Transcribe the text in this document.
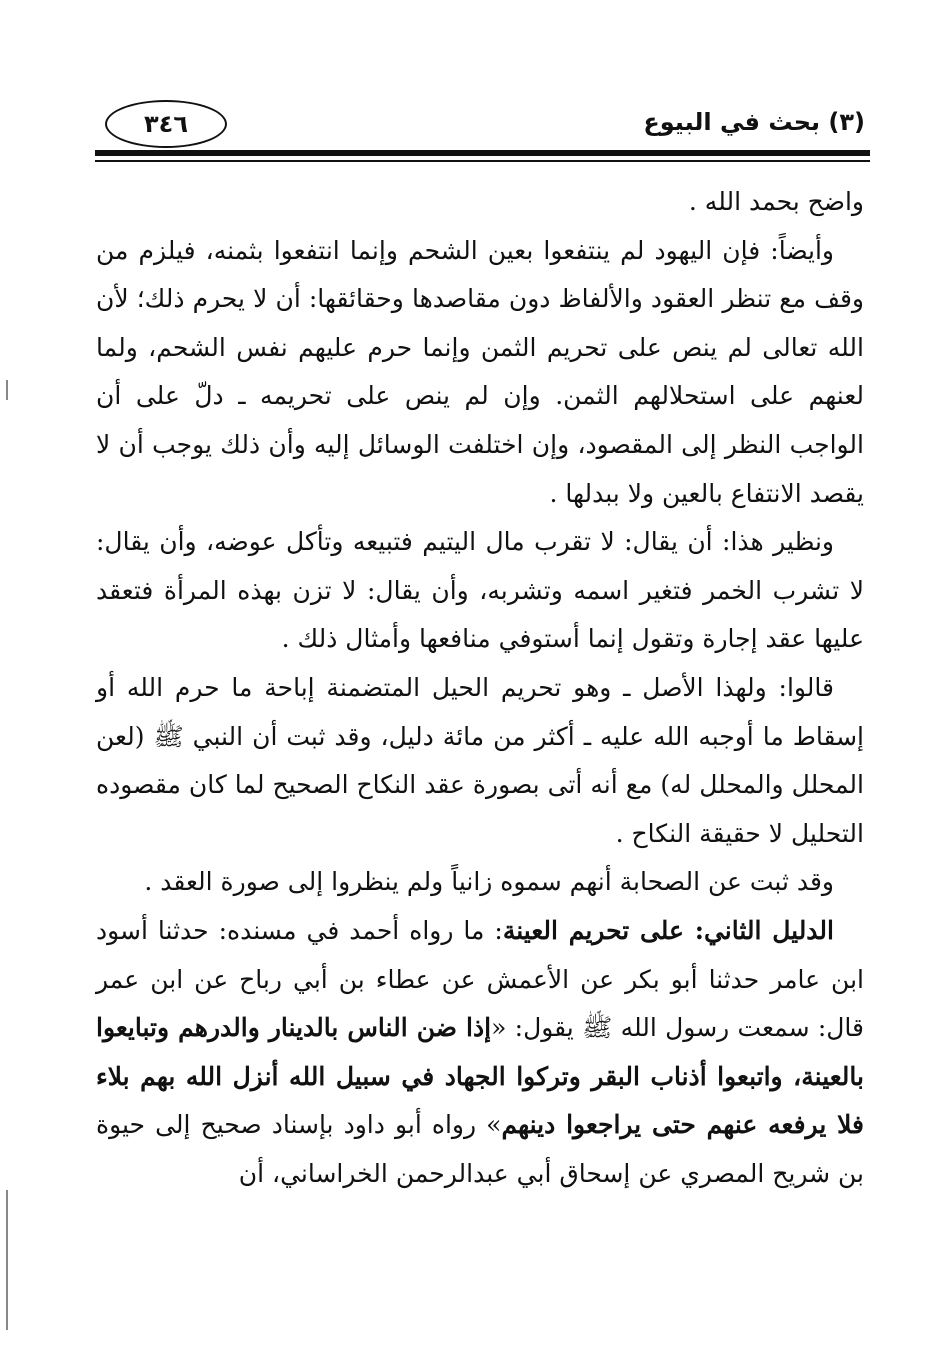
(٣) بحث في البيوع
٣٤٦

واضح بحمد الله .

وأيضاً: فإن اليهود لم ينتفعوا بعين الشحم وإنما انتفعوا بثمنه، فيلزم من وقف مع تنظر العقود والألفاظ دون مقاصدها وحقائقها: أن لا يحرم ذلك؛ لأن الله تعالى لم ينص على تحريم الثمن وإنما حرم عليهم نفس الشحم، ولما لعنهم على استحلالهم الثمن. وإن لم ينص على تحريمه ـ دلّ على أن الواجب النظر إلى المقصود، وإن اختلفت الوسائل إليه وأن ذلك يوجب أن لا يقصد الانتفاع بالعين ولا ببدلها .

ونظير هذا: أن يقال: لا تقرب مال اليتيم فتبيعه وتأكل عوضه، وأن يقال: لا تشرب الخمر فتغير اسمه وتشربه، وأن يقال: لا تزن بهذه المرأة فتعقد عليها عقد إجارة وتقول إنما أستوفي منافعها وأمثال ذلك .

قالوا: ولهذا الأصل ـ وهو تحريم الحيل المتضمنة إباحة ما حرم الله أو إسقاط ما أوجبه الله عليه ـ أكثر من مائة دليل، وقد ثبت أن النبي ﷺ (لعن المحلل والمحلل له) مع أنه أتى بصورة عقد النكاح الصحيح لما كان مقصوده التحليل لا حقيقة النكاح .

وقد ثبت عن الصحابة أنهم سموه زانياً ولم ينظروا إلى صورة العقد .

الدليل الثاني: على تحريم العينة: ما رواه أحمد في مسنده: حدثنا أسود ابن عامر حدثنا أبو بكر عن الأعمش عن عطاء بن أبي رباح عن ابن عمر قال: سمعت رسول الله ﷺ يقول: «إذا ضن الناس بالدينار والدرهم وتبايعوا بالعينة، واتبعوا أذناب البقر وتركوا الجهاد في سبيل الله أنزل الله بهم بلاء فلا يرفعه عنهم حتى يراجعوا دينهم» رواه أبو داود بإسناد صحيح إلى حيوة بن شريح المصري عن إسحاق أبي عبدالرحمن الخراساني، أن
